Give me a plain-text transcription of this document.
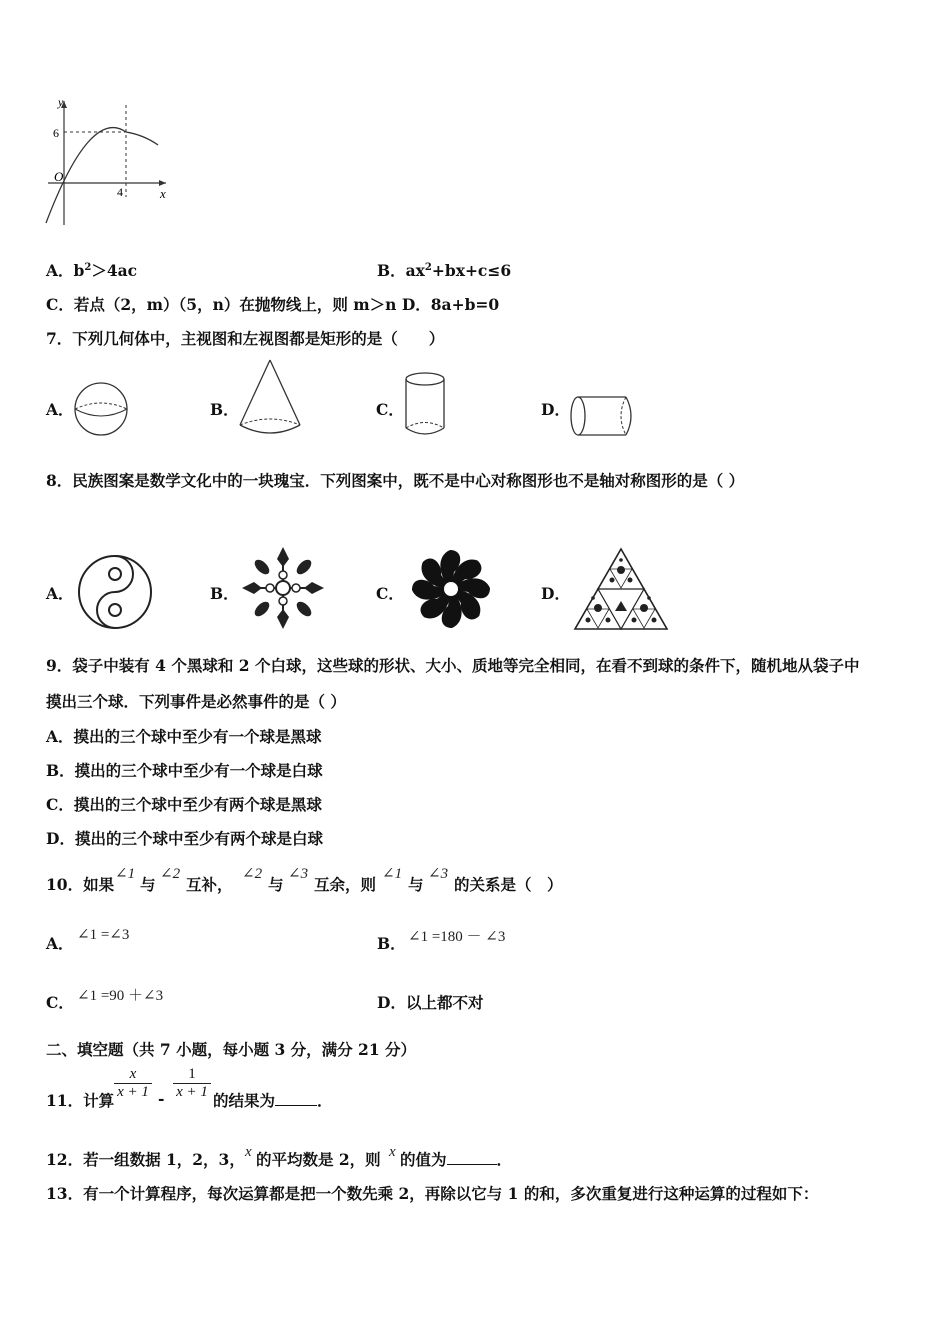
y
x
O
6
4
A．$b^2>4ac$	B．$ax^2+bx+c\le 6$
C．若点（2，m）（5，n）在抛物线上，则 m＞n D．8a+b=0
7．下列几何体中，主视图和左视图都是矩形的是（　　）
A．	B．	C．	D．
8．民族图案是数学文化中的一块瑰宝．下列图案中，既不是中心对称图形也不是轴对称图形的是（ ）
A．	B．	C．	D．
9．袋子中装有 4 个黑球和 2 个白球，这些球的形状、大小、质地等完全相同，在看不到球的条件下，随机地从袋子中
摸出三个球．下列事件是必然事件的是（ ）
A．摸出的三个球中至少有一个球是黑球
B．摸出的三个球中至少有一个球是白球
C．摸出的三个球中至少有两个球是黑球
D．摸出的三个球中至少有两个球是白球
10．如果
∠1
与
∠2
互补，
∠2
与
∠3
互余，则
∠1
与
∠3
的关系是（　）
A． ∠1 =∠3	B． ∠1 =180 － ∠3
C． ∠1 =90 ＋∠3	D．以上都不对
二、填空题（共 7 小题，每小题 3 分，满分 21 分）
11．计算 $\frac{x}{x + 1} - \frac{1}{x + 1}$ 的结果为	．
12．若一组数据 1，2，3， x 的平均数是 2，则 x 的值为	．
13．有一个计算程序，每次运算都是把一个数先乘 2，再除以它与 1 的和，多次重复进行这种运算的过程如下：
